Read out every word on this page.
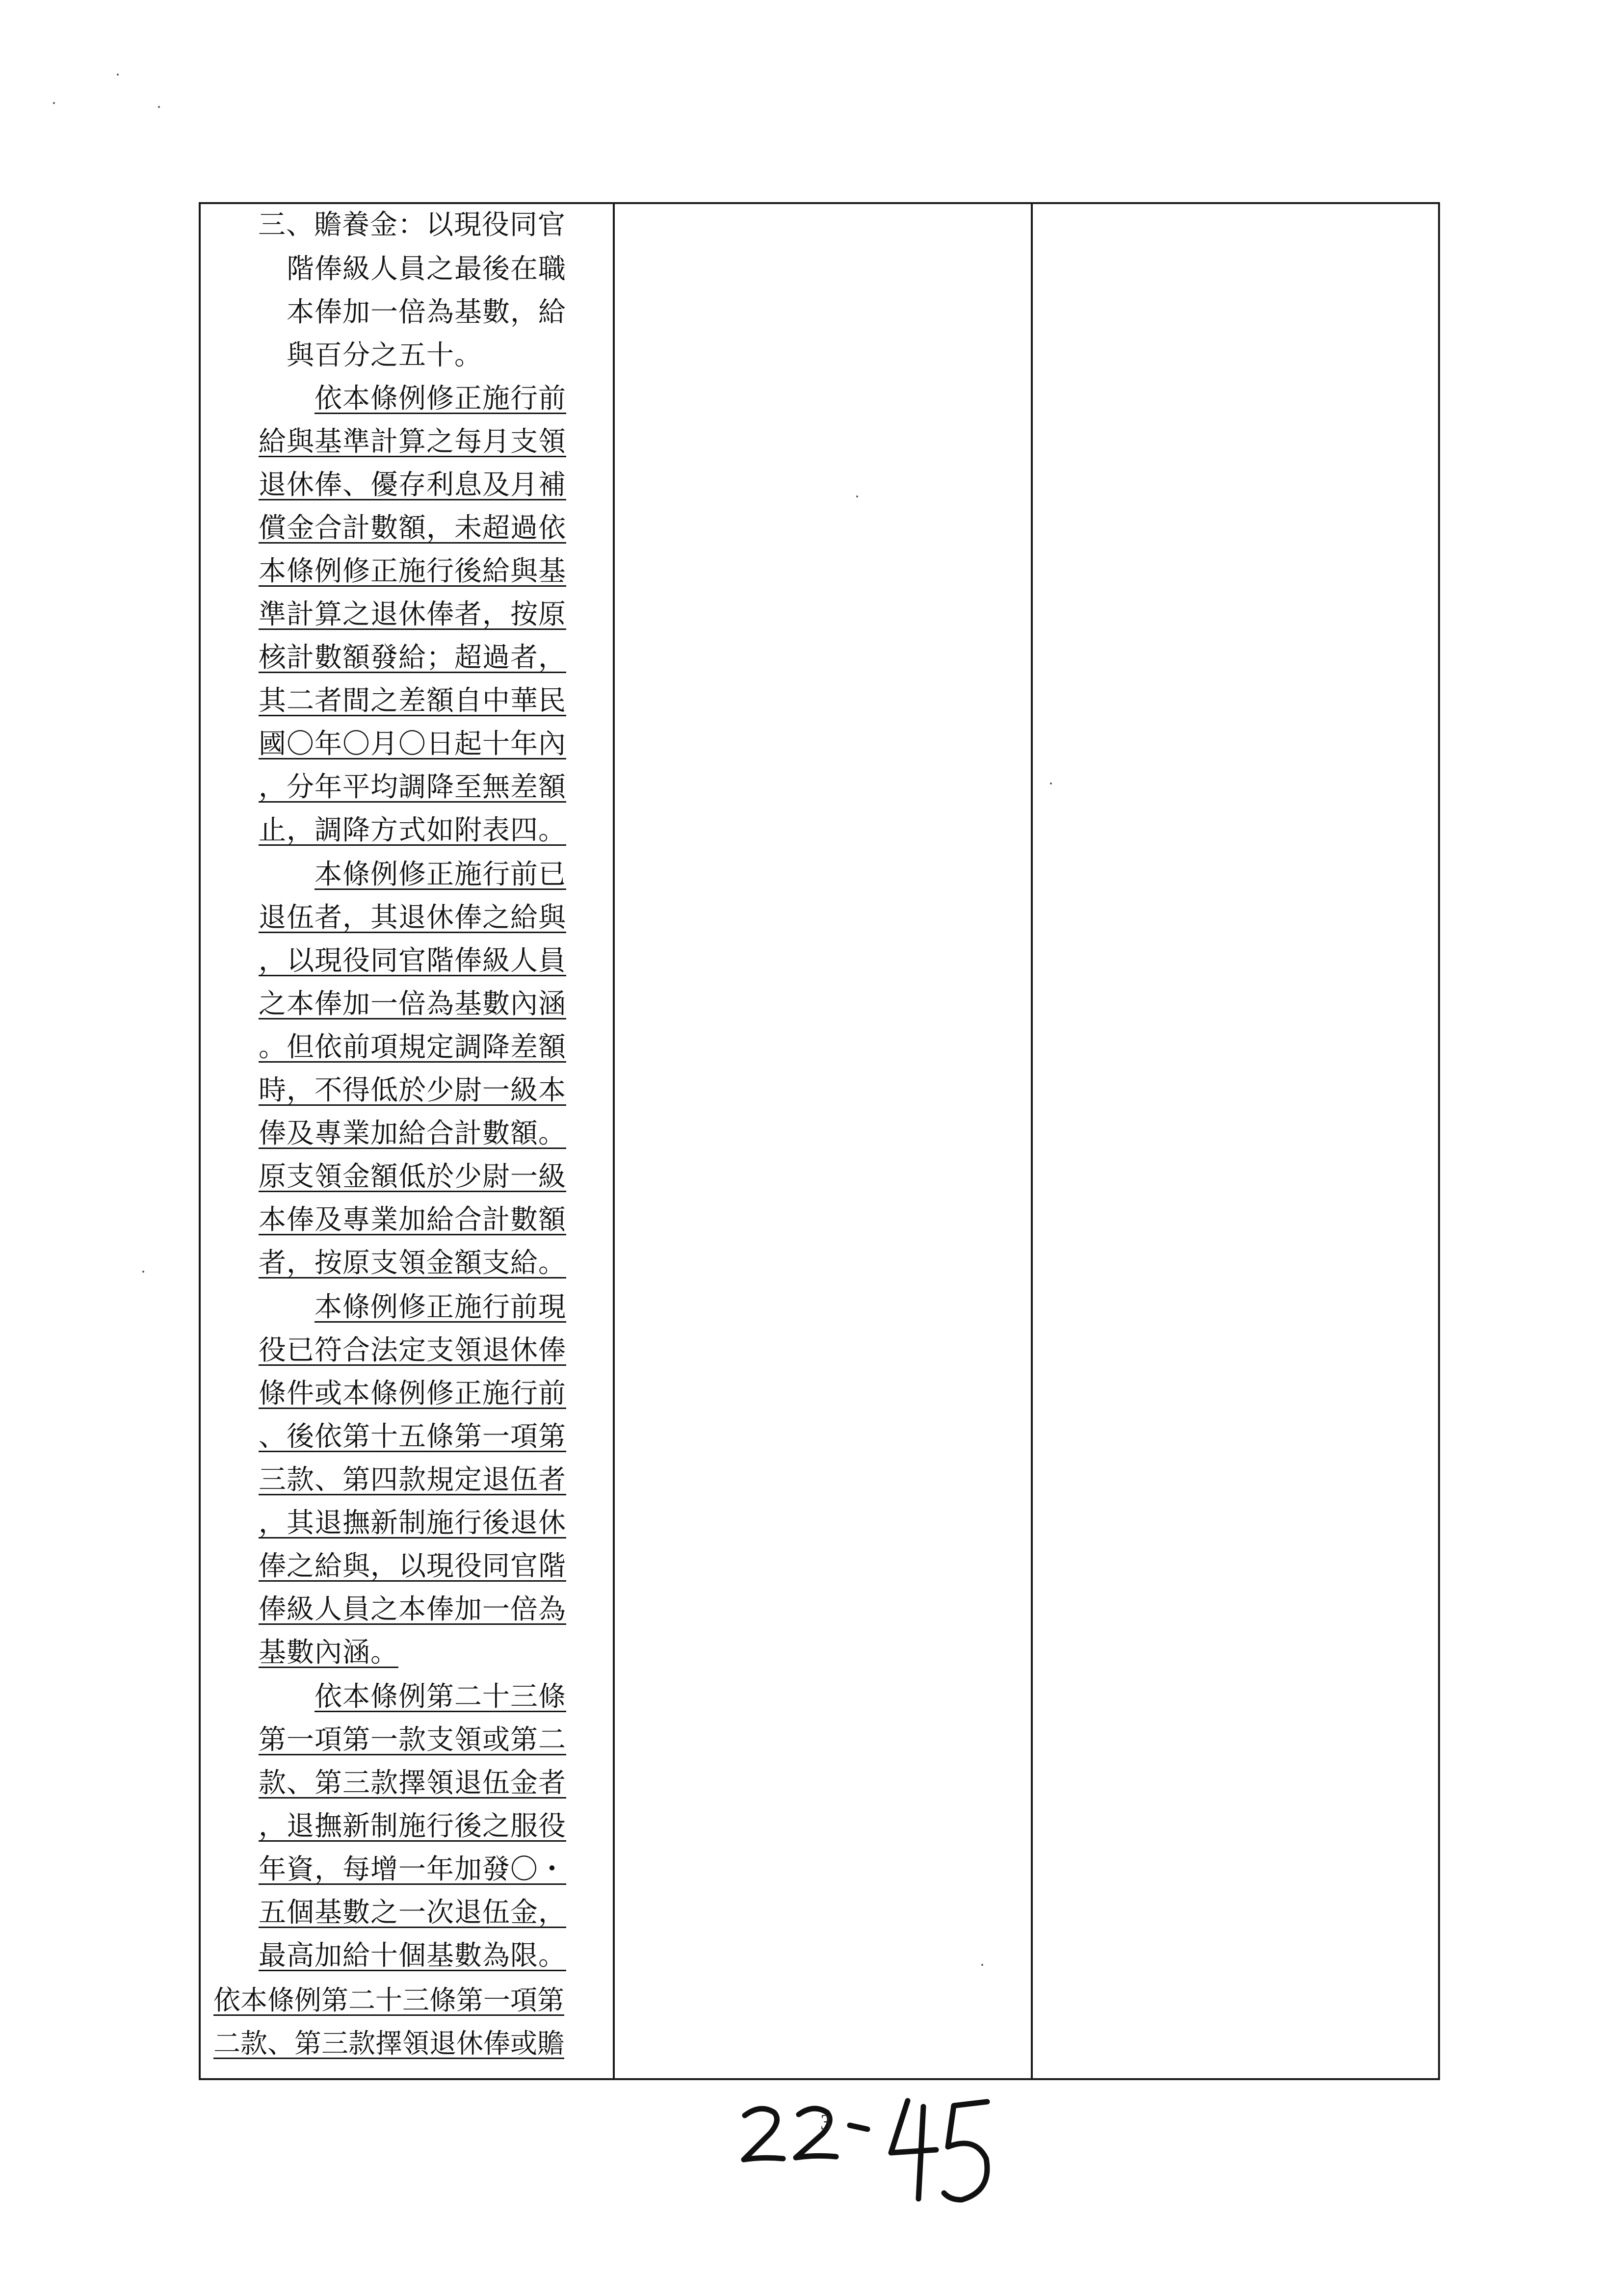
三、贍養金：以現役同官
階俸級人員之最後在職
本俸加一倍為基數，給
與百分之五十。
依本條例修正施行前
給與基準計算之每月支領
退休俸、優存利息及月補
償金合計數額，未超過依
本條例修正施行後給與基
準計算之退休俸者，按原
核計數額發給；超過者，
其二者間之差額自中華民
國〇年〇月〇日起十年內
，分年平均調降至無差額
止，調降方式如附表四。
本條例修正施行前已
退伍者，其退休俸之給與
，以現役同官階俸級人員
之本俸加一倍為基數內涵
。但依前項規定調降差額
時，不得低於少尉一級本
俸及專業加給合計數額。
原支領金額低於少尉一級
本俸及專業加給合計數額
者，按原支領金額支給。
本條例修正施行前現
役已符合法定支領退休俸
條件或本條例修正施行前
、後依第十五條第一項第
三款、第四款規定退伍者
，其退撫新制施行後退休
俸之給與，以現役同官階
俸級人員之本俸加一倍為
基數內涵。
依本條例第二十三條
第一項第一款支領或第二
款、第三款擇領退伍金者
，退撫新制施行後之服役
年資，每增一年加發〇・
五個基數之一次退伍金，
最高加給十個基數為限。
依本條例第二十三條第一項第
二款、第三款擇領退休俸或贍
3
